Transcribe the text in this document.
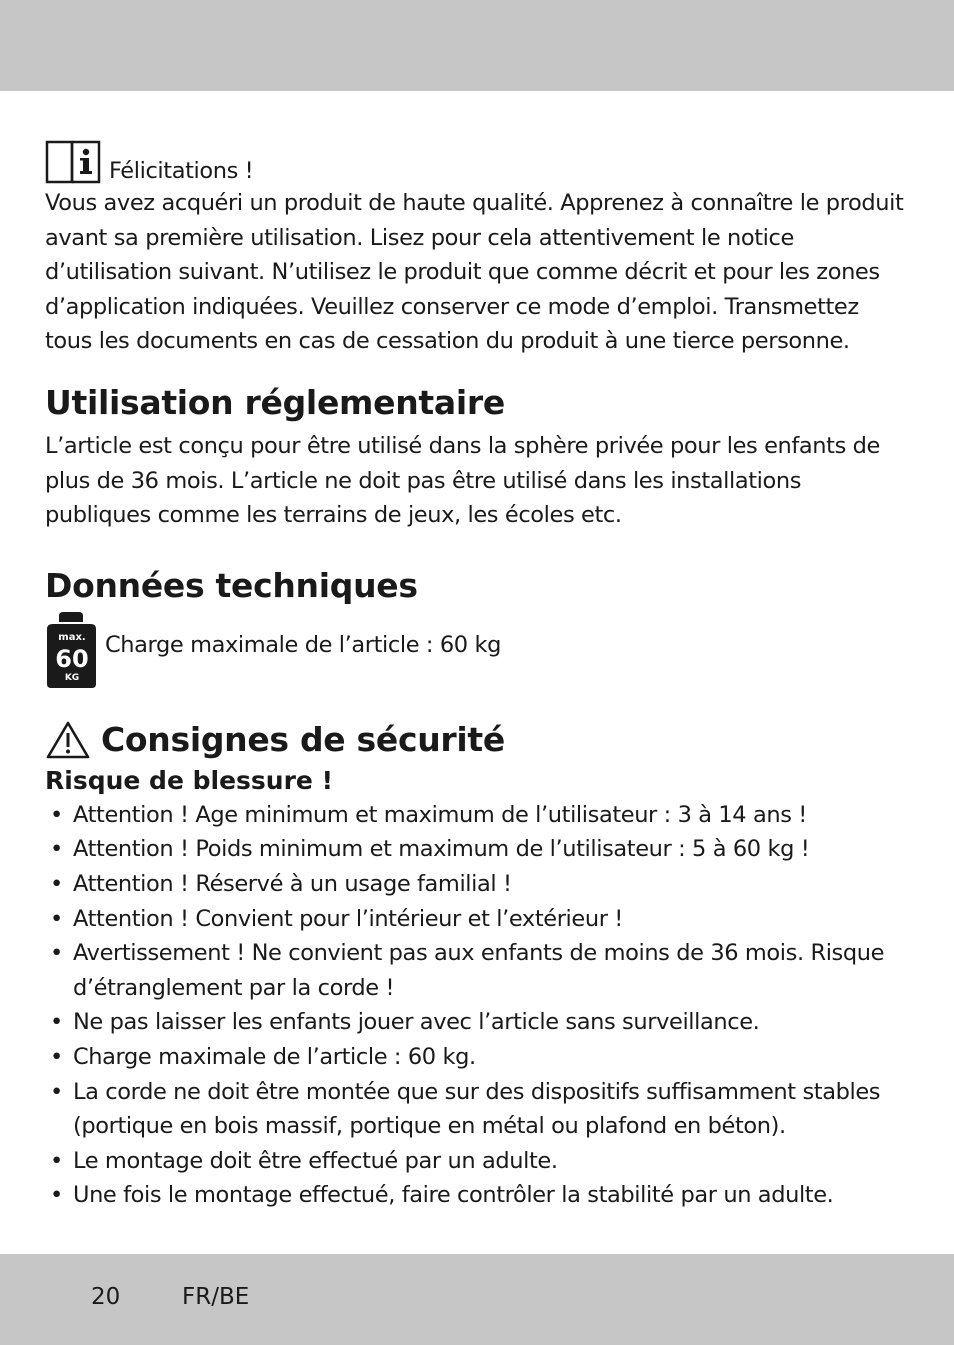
Félicitations !

Vous avez acquéri un produit de haute qualité. Apprenez à connaître le produit avant sa première utilisation. Lisez pour cela attentivement le notice d’utilisation suivant. N’utilisez le produit que comme décrit et pour les zones d’application indiquées. Veuillez conserver ce mode d’emploi. Transmettez tous les documents en cas de cessation du produit à une tierce personne.

Utilisation réglementaire

L’article est conçu pour être utilisé dans la sphère privée pour les enfants de plus de 36 mois. L’article ne doit pas être utilisé dans les installations publiques comme les terrains de jeux, les écoles etc.

Données techniques
max.
60
KG
Charge maximale de l’article : 60 kg
Consignes de sécurité
Risque de blessure !
• Attention ! Age minimum et maximum de l’utilisateur : 3 à 14 ans !
• Attention ! Poids minimum et maximum de l’utilisateur : 5 à 60 kg !
• Attention ! Réservé à un usage familial !
• Attention ! Convient pour l’intérieur et l’extérieur !
• Avertissement ! Ne convient pas aux enfants de moins de 36 mois. Risque d’étranglement par la corde !
• Ne pas laisser les enfants jouer avec l’article sans surveillance.
• Charge maximale de l’article : 60 kg.
• La corde ne doit être montée que sur des dispositifs suffisamment stables (portique en bois massif, portique en métal ou plafond en béton).
• Le montage doit être effectué par un adulte.
• Une fois le montage effectué, faire contrôler la stabilité par un adulte.
20	FR/BE
